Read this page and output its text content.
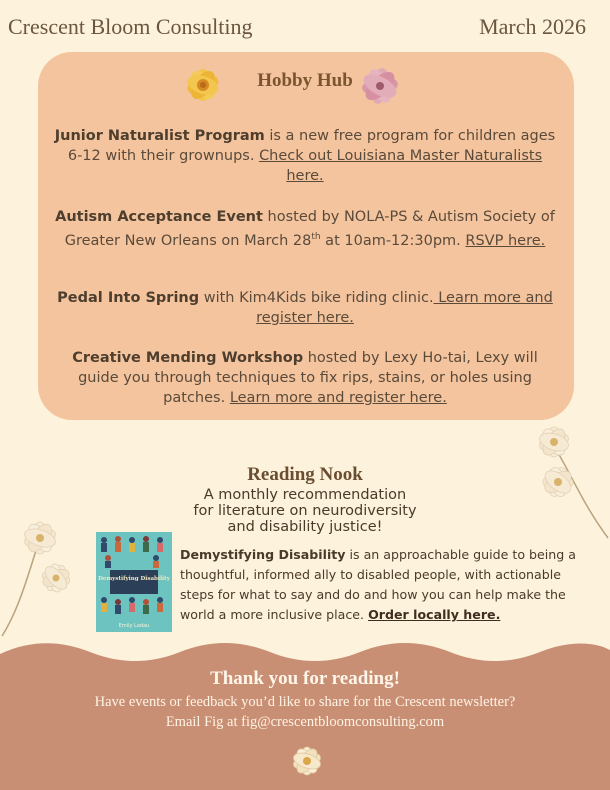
Crescent Bloom Consulting	March 2026
Hobby Hub
Junior Naturalist Program is a new free program for children ages 6-12 with their grownups. Check out Louisiana Master Naturalists here.
Autism Acceptance Event hosted by NOLA-PS & Autism Society of Greater New Orleans on March 28th at 10am-12:30pm. RSVP here.
Pedal Into Spring with Kim4Kids bike riding clinic. Learn more and register here.
Creative Mending Workshop hosted by Lexy Ho-tai, Lexy will guide you through techniques to fix rips, stains, or holes using patches. Learn more and register here.
Reading Nook
A monthly recommendation
for literature on neurodiversity
and disability justice!
Demystifying Disability
Emily Ladau
Demystifying Disability is an approachable guide to being a thoughtful, informed ally to disabled people, with actionable steps for what to say and do and how you can help make the world a more inclusive place. Order locally here.
Thank you for reading!
Have events or feedback you’d like to share for the Crescent newsletter?
Email Fig at fig@crescentbloomconsulting.com
